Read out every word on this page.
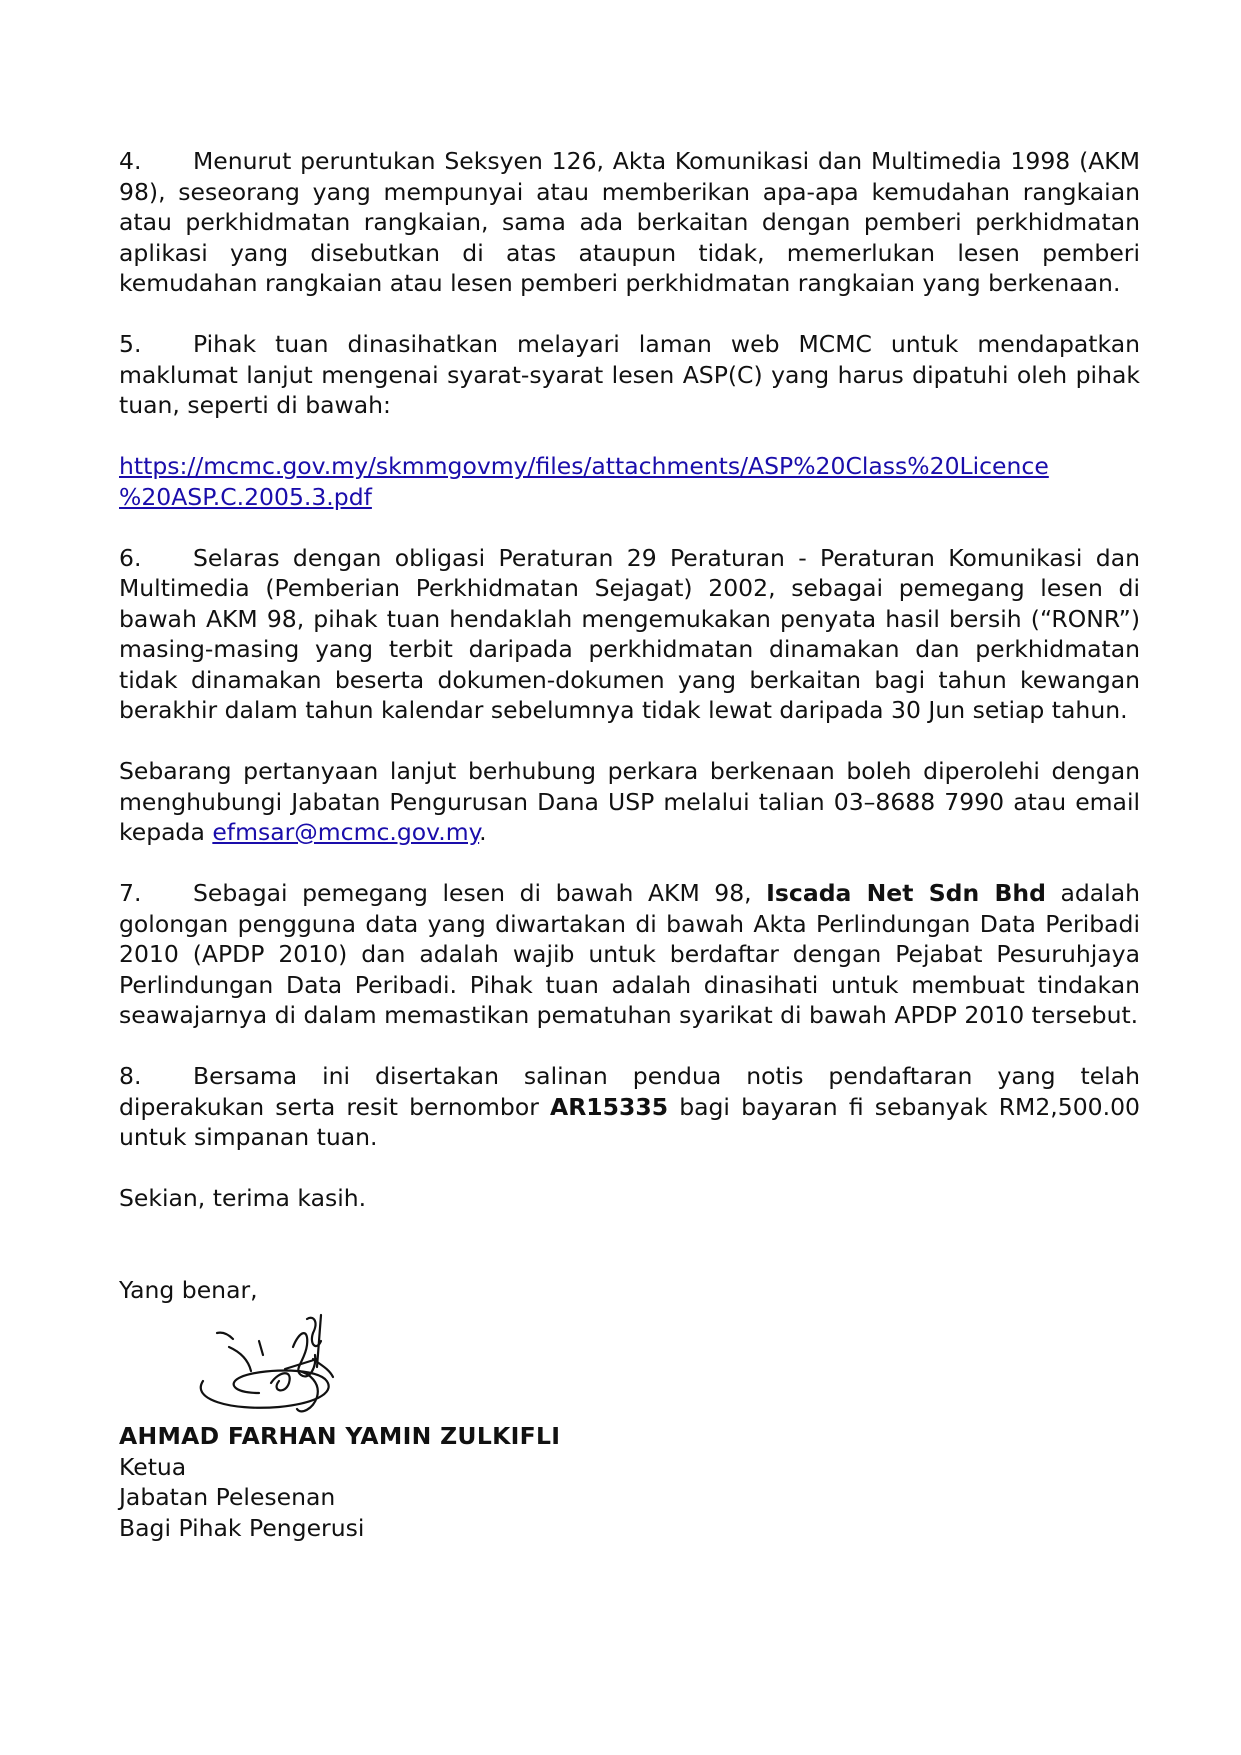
4. Menurut peruntukan Seksyen 126, Akta Komunikasi dan Multimedia 1998 (AKM 98), seseorang yang mempunyai atau memberikan apa-apa kemudahan rangkaian atau perkhidmatan rangkaian, sama ada berkaitan dengan pemberi perkhidmatan aplikasi yang disebutkan di atas ataupun tidak, memerlukan lesen pemberi kemudahan rangkaian atau lesen pemberi perkhidmatan rangkaian yang berkenaan.

5. Pihak tuan dinasihatkan melayari laman web MCMC untuk mendapatkan maklumat lanjut mengenai syarat-syarat lesen ASP(C) yang harus dipatuhi oleh pihak tuan, seperti di bawah:

https://mcmc.gov.my/skmmgovmy/files/attachments/ASP%20Class%20Licence
%20ASP.C.2005.3.pdf

6. Selaras dengan obligasi Peraturan 29 Peraturan - Peraturan Komunikasi dan Multimedia (Pemberian Perkhidmatan Sejagat) 2002, sebagai pemegang lesen di bawah AKM 98, pihak tuan hendaklah mengemukakan penyata hasil bersih (“RONR”) masing-masing yang terbit daripada perkhidmatan dinamakan dan perkhidmatan tidak dinamakan beserta dokumen-dokumen yang berkaitan bagi tahun kewangan berakhir dalam tahun kalendar sebelumnya tidak lewat daripada 30 Jun setiap tahun.

Sebarang pertanyaan lanjut berhubung perkara berkenaan boleh diperolehi dengan menghubungi Jabatan Pengurusan Dana USP melalui talian 03–8688 7990 atau email kepada efmsar@mcmc.gov.my.

7. Sebagai pemegang lesen di bawah AKM 98, Iscada Net Sdn Bhd adalah golongan pengguna data yang diwartakan di bawah Akta Perlindungan Data Peribadi 2010 (APDP 2010) dan adalah wajib untuk berdaftar dengan Pejabat Pesuruhjaya Perlindungan Data Peribadi. Pihak tuan adalah dinasihati untuk membuat tindakan seawajarnya di dalam memastikan pematuhan syarikat di bawah APDP 2010 tersebut.

8. Bersama ini disertakan salinan pendua notis pendaftaran yang telah diperakukan serta resit bernombor AR15335 bagi bayaran fi sebanyak RM2,500.00 untuk simpanan tuan.

Sekian, terima kasih.

Yang benar,

AHMAD FARHAN YAMIN ZULKIFLI

Ketua

Jabatan Pelesenan

Bagi Pihak Pengerusi
